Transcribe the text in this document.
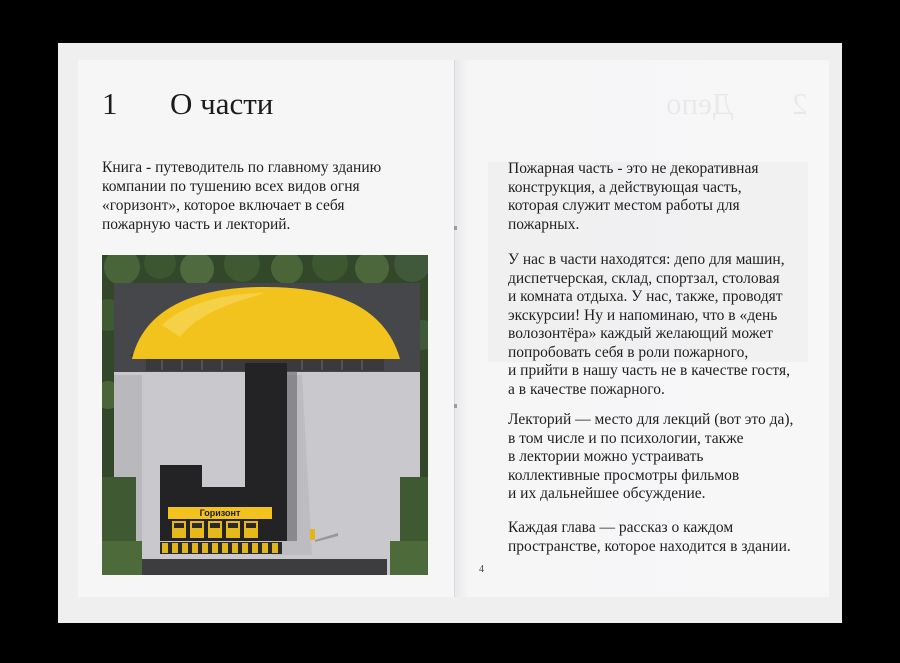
Депо 2
1	О части

Книга - путеводитель по главному зданию
компании по тушению всех видов огня
«горизонт», которое включает в себя
пожарную часть и лекторий.

Горизонт

Пожарная часть - это не декоративная
конструкция, а действующая часть,
которая служит местом работы для
пожарных.

У нас в части находятся: депо для машин,
диспетчерская, склад, спортзал, столовая
и комната отдыха. У нас, также, проводят
экскурсии! Ну и напоминаю, что в «день
волозонтёра» каждый желающий может
попробовать себя в роли пожарного,
и прийти в нашу часть не в качестве гостя,
а в качестве пожарного.

Лекторий — место для лекций (вот это да),
в том числе и по психологии, также
в лектории можно устраивать
коллективные просмотры фильмов
и их дальнейшее обсуждение.

Каждая глава — рассказ о каждом
пространстве, которое находится в здании.

4
